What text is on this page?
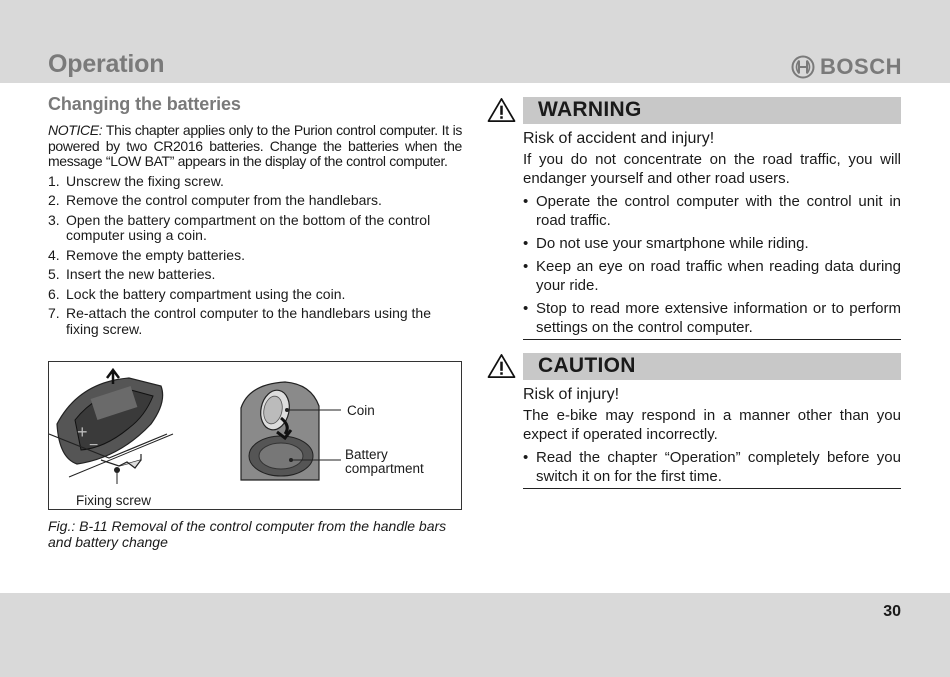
Operation	BOSCH
Changing the batteries

NOTICE: This chapter applies only to the Purion control computer. It is powered by two CR2016 batteries. Change the batteries when the message “LOW BAT” appears in the display of the control computer.

1. Unscrew the fixing screw.
2. Remove the control computer from the handlebars.
3. Open the battery compartment on the bottom of the control computer using a coin.
4. Remove the empty batteries.
5. Insert the new batteries.
6. Lock the battery compartment using the coin.
7. Re-attach the control computer to the handlebars using the fixing screw.
+
−
Coin
Battery
compartment
Fixing screw
Fig.: B-11 Removal of the control computer from the handle bars and battery change
WARNING
Risk of accident and injury!

If you do not concentrate on the road traffic, you will endanger yourself and other road users.

• Operate the control computer with the control unit in road traffic.
• Do not use your smartphone while riding.
• Keep an eye on road traffic when reading data during your ride.
• Stop to read more extensive information or to perform settings on the control computer.
CAUTION
Risk of injury!

The e-bike may respond in a manner other than you expect if operated incorrectly.

• Read the chapter “Operation” completely before you switch it on for the first time.
30
